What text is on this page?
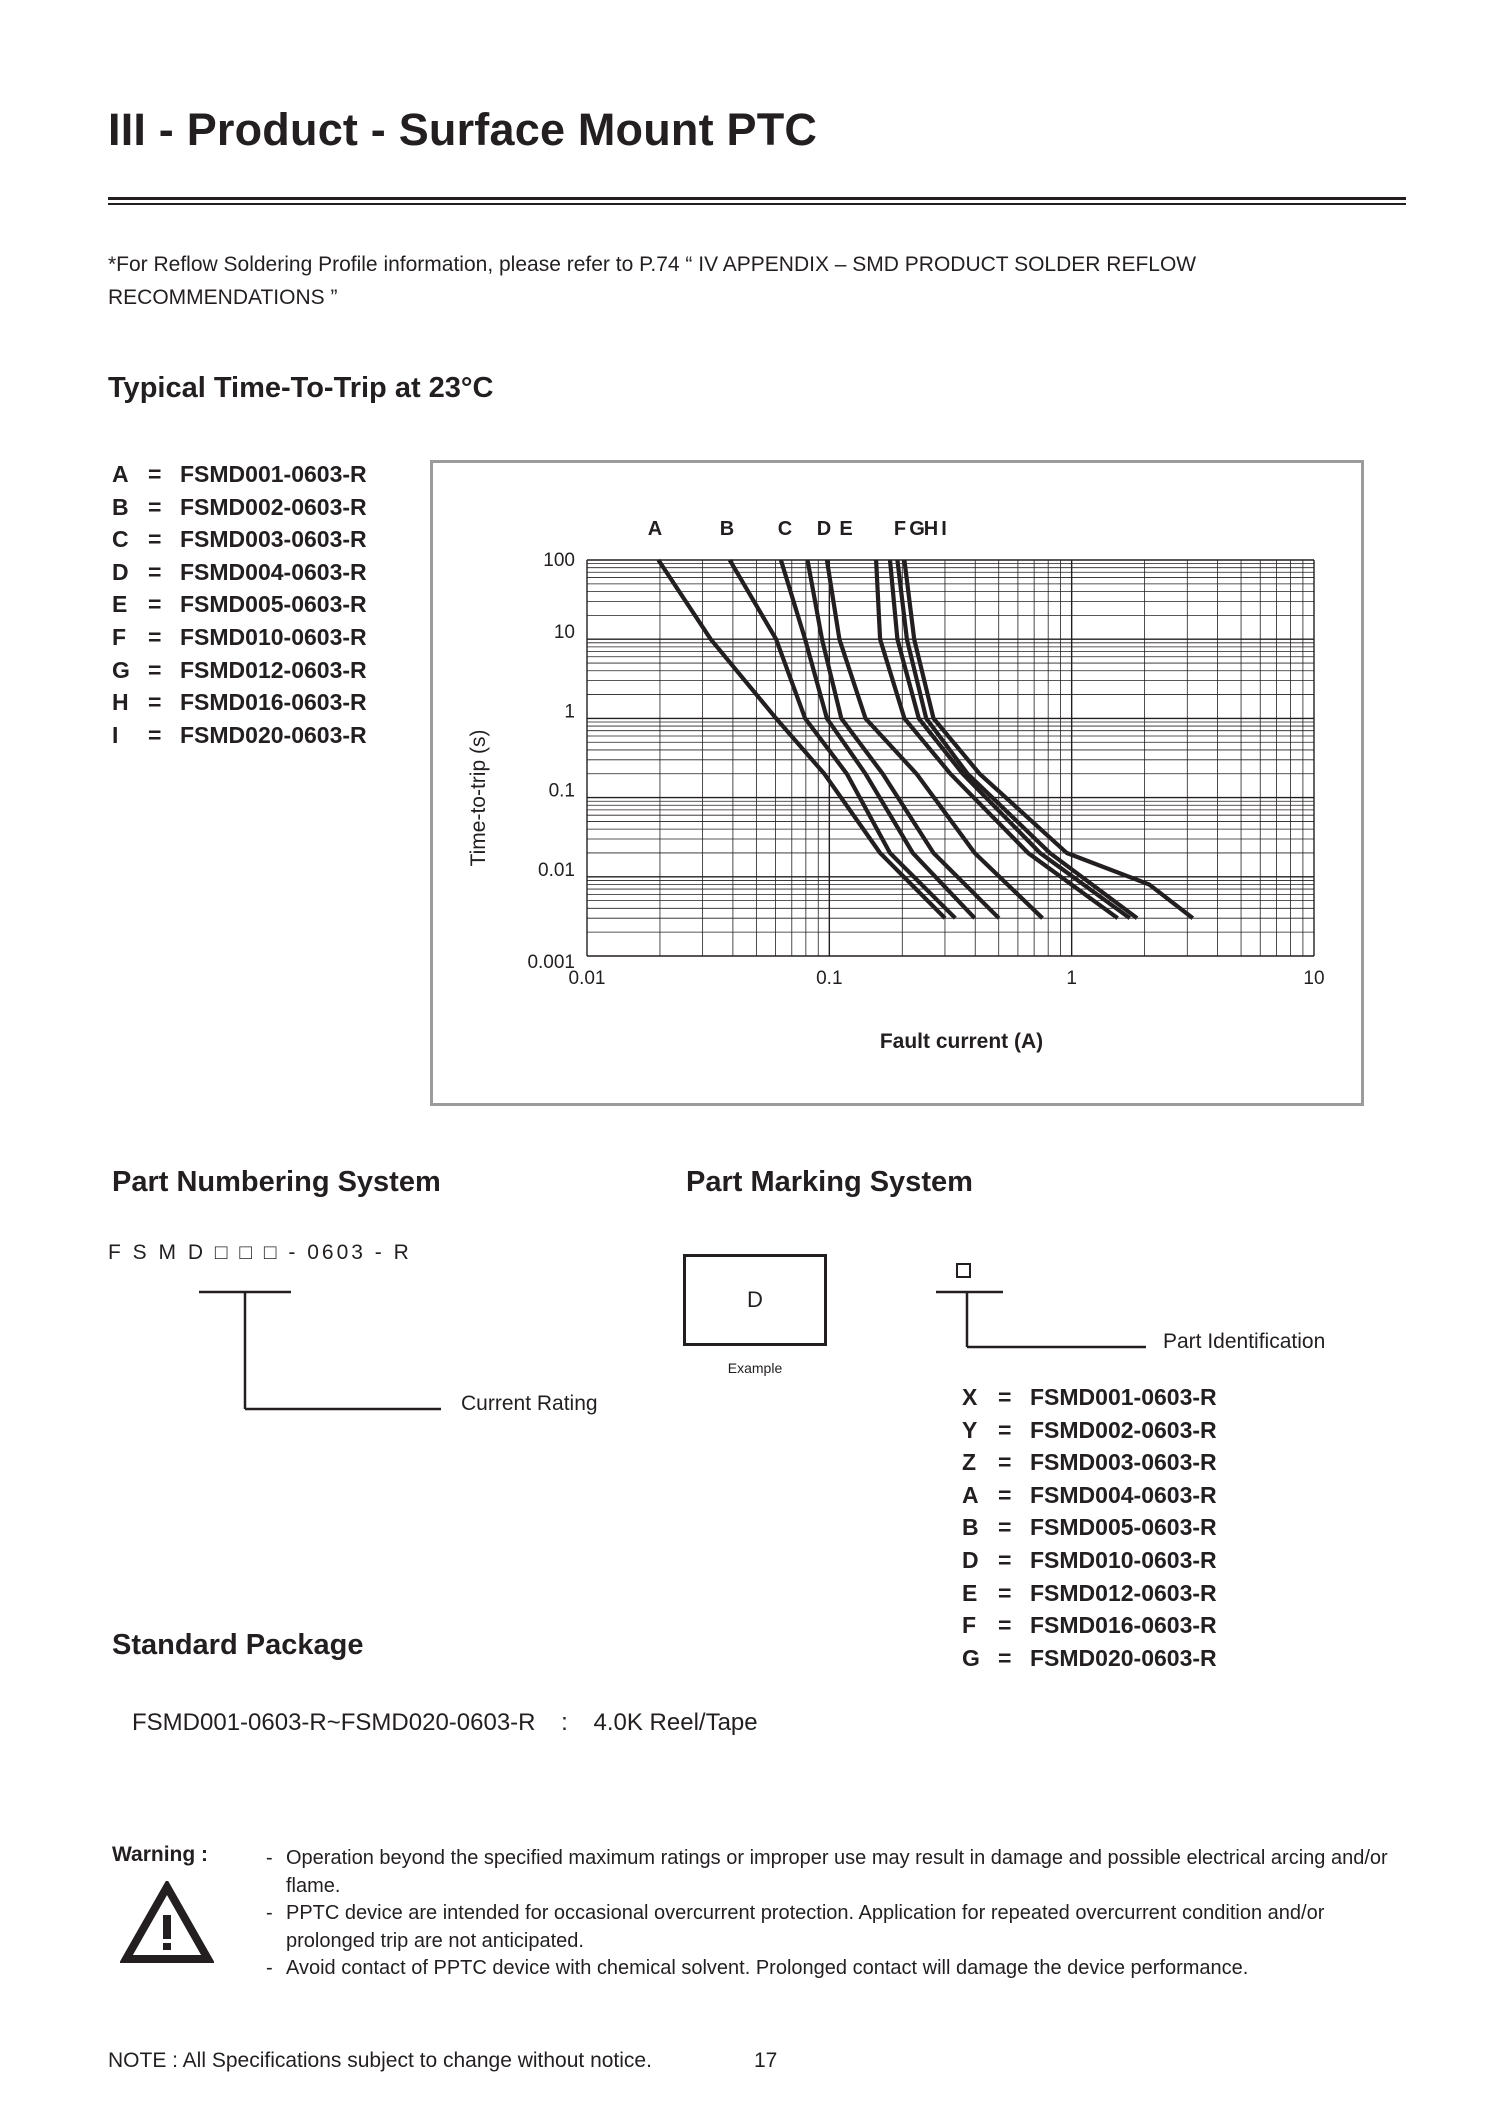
III - Product - Surface Mount PTC
*For Reflow Soldering Profile information, please refer to P.74 “ IV APPENDIX – SMD PRODUCT SOLDER REFLOW RECOMMENDATIONS ”
Typical Time-To-Trip at 23°C
A = FSMD001-0603-R
B = FSMD002-0603-R
C = FSMD003-0603-R
D = FSMD004-0603-R
E = FSMD005-0603-R
F = FSMD010-0603-R
G = FSMD012-0603-R
H = FSMD016-0603-R
I = FSMD020-0603-R
100
10
1
0.1
0.01
0.001
0.01	0.1	1	10
Time-to-trip (s)
Fault current (A)
A	B C D E F G
H I
Part Numbering System
F S M D □ □ □ - 0603 - R
Current Rating
Part Marking System
D
Example
Part Identification
X = FSMD001-0603-R
Y = FSMD002-0603-R
Z = FSMD003-0603-R
A = FSMD004-0603-R
B = FSMD005-0603-R
D = FSMD010-0603-R
E = FSMD012-0603-R
F = FSMD016-0603-R
G = FSMD020-0603-R
Standard Package
FSMD001-0603-R~FSMD020-0603-R : 4.0K Reel/Tape
Warning :	- Operation beyond the specified maximum ratings or improper use may result in damage and possible electrical arcing and/or flame.
- PPTC device are intended for occasional overcurrent protection. Application for repeated overcurrent condition and/or prolonged trip are not anticipated.
- Avoid contact of PPTC device with chemical solvent. Prolonged contact will damage the device performance.
NOTE : All Specifications subject to change without notice.	17
